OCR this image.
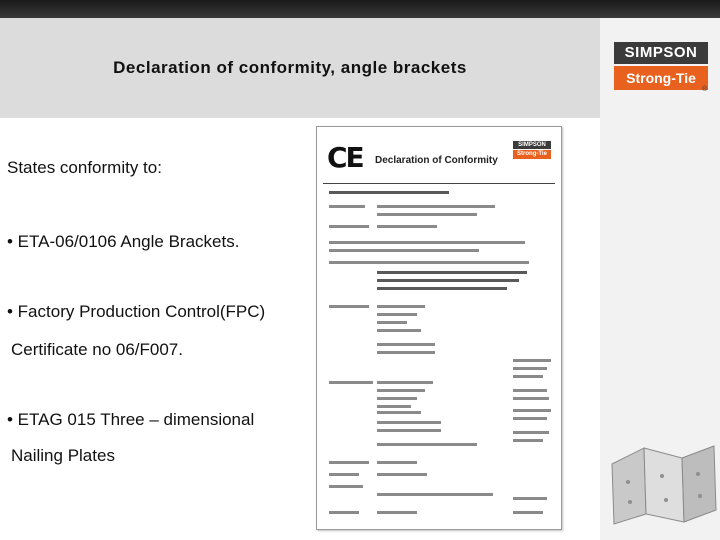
Declaration of conformity, angle brackets
SIMPSON
Strong-Tie
®
States conformity to:
• ETA-06/0106 Angle Brackets.
• Factory Production Control(FPC)
Certificate no 06/F007.
• ETAG 015 Three – dimensional
Nailing Plates
CE Declaration of Conformity
SIMPSON
Strong-Tie
